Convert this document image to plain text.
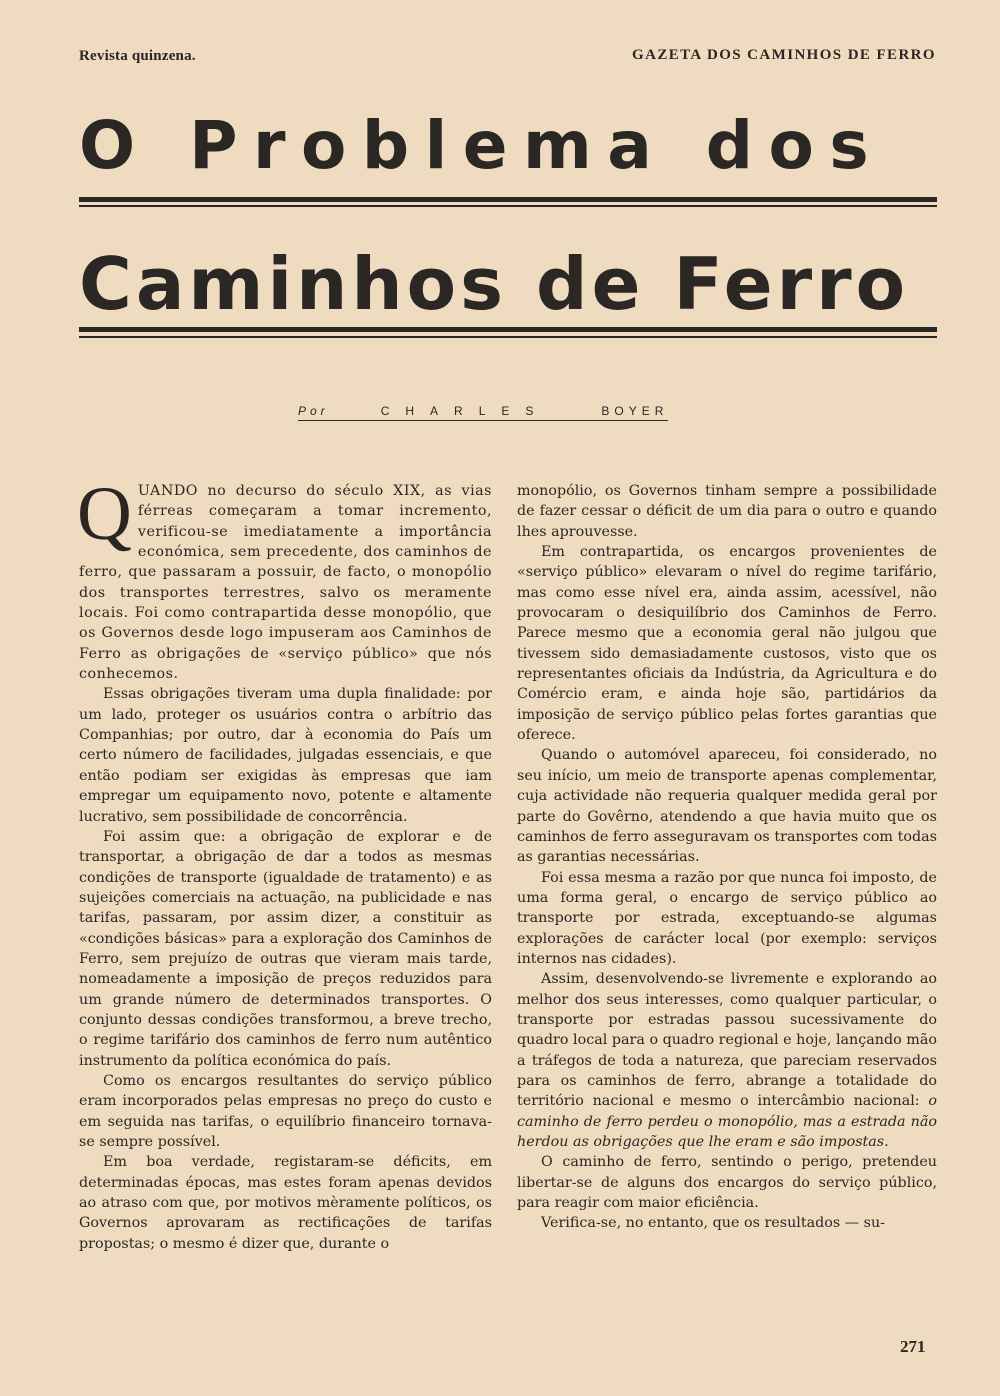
Revista quinzena.	GAZETA DOS CAMINHOS DE FERRO
O Problema dos
Caminhos de Ferro
Por	CHARLES	BOYER

QUANDO no decurso do século XIX, as vias férreas começaram a tomar incremento, verificou-se imediatamente a importância económica, sem precedente, dos caminhos de ferro, que passaram a possuir, de facto, o monopólio dos transportes terrestres, salvo os meramente locais. Foi como contrapartida desse monopólio, que os Governos desde logo impuseram aos Caminhos de Ferro as obrigações de «serviço público» que nós conhecemos.

Essas obrigações tiveram uma dupla finalidade: por um lado, proteger os usuários contra o arbítrio das Companhias; por outro, dar à economia do País um certo número de facilidades, julgadas essenciais, e que então podiam ser exigidas às empresas que iam empregar um equipamento novo, potente e altamente lucrativo, sem possibilidade de concorrência.

Foi assim que: a obrigação de explorar e de transportar, a obrigação de dar a todos as mesmas condições de transporte (igualdade de tratamento) e as sujeições comerciais na actuação, na publicidade e nas tarifas, passaram, por assim dizer, a constituir as «condições básicas» para a exploração dos Caminhos de Ferro, sem prejuízo de outras que vieram mais tarde, nomeadamente a imposição de preços reduzidos para um grande número de determinados transportes. O conjunto dessas condições transformou, a breve trecho, o regime tarifário dos caminhos de ferro num autêntico instrumento da política económica do país.

Como os encargos resultantes do serviço público eram incorporados pelas empresas no preço do custo e em seguida nas tarifas, o equilíbrio financeiro tornava-se sempre possível.

Em boa verdade, registaram-se déficits, em determinadas épocas, mas estes foram apenas devidos ao atraso com que, por motivos mèramente políticos, os Governos aprovaram as rectificações de tarifas propostas; o mesmo é dizer que, durante o

monopólio, os Governos tinham sempre a possibilidade de fazer cessar o déficit de um dia para o outro e quando lhes aprouvesse.

Em contrapartida, os encargos provenientes de «serviço público» elevaram o nível do regime tarifário, mas como esse nível era, ainda assim, acessível, não provocaram o desiquilíbrio dos Caminhos de Ferro. Parece mesmo que a economia geral não julgou que tivessem sido demasiadamente custosos, visto que os representantes oficiais da Indústria, da Agricultura e do Comércio eram, e ainda hoje são, partidários da imposição de serviço público pelas fortes garantias que oferece.

Quando o automóvel apareceu, foi considerado, no seu início, um meio de transporte apenas complementar, cuja actividade não requeria qualquer medida geral por parte do Govêrno, atendendo a que havia muito que os caminhos de ferro asseguravam os transportes com todas as garantias necessárias.

Foi essa mesma a razão por que nunca foi imposto, de uma forma geral, o encargo de serviço público ao transporte por estrada, exceptuando-se algumas explorações de carácter local (por exemplo: serviços internos nas cidades).

Assim, desenvolvendo-se livremente e explorando ao melhor dos seus interesses, como qualquer particular, o transporte por estradas passou sucessivamente do quadro local para o quadro regional e hoje, lançando mão a tráfegos de toda a natureza, que pareciam reservados para os caminhos de ferro, abrange a totalidade do território nacional e mesmo o intercâmbio nacional: o caminho de ferro perdeu o monopólio, mas a estrada não herdou as obrigações que lhe eram e são impostas.

O caminho de ferro, sentindo o perigo, pretendeu libertar-se de alguns dos encargos do serviço público, para reagir com maior eficiência.

Verifica-se, no entanto, que os resultados — su-

271
